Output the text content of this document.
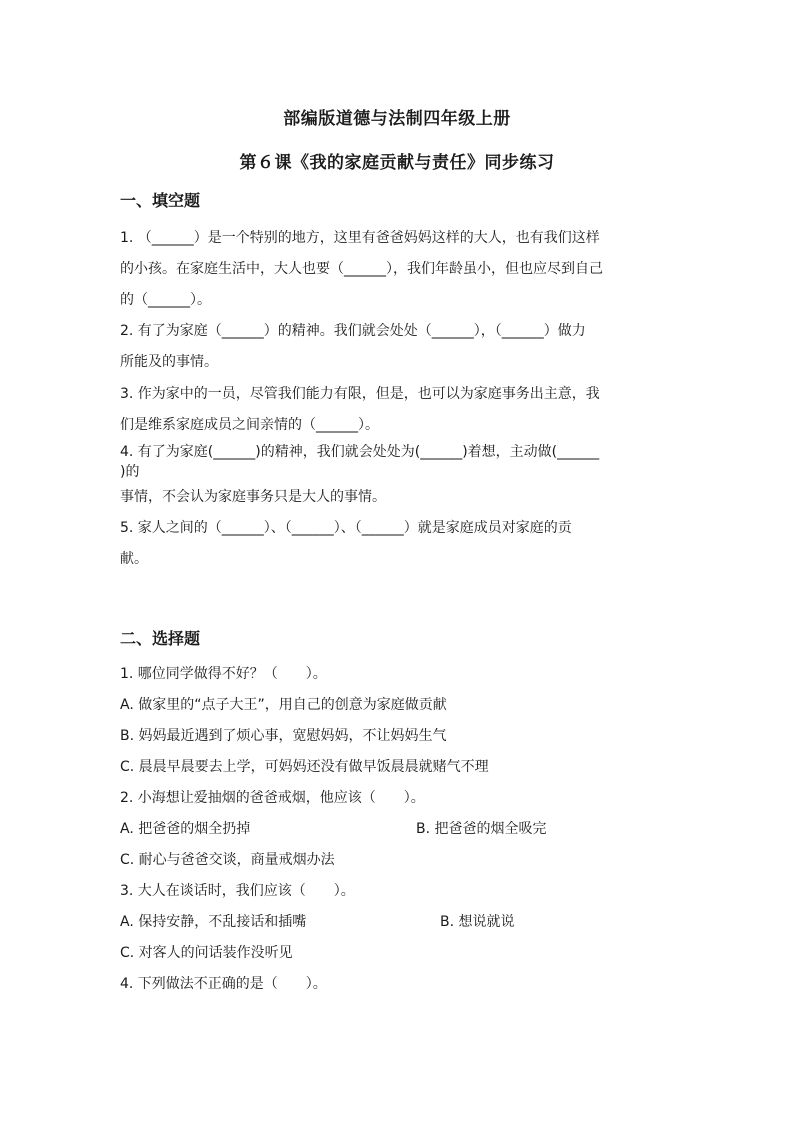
部编版道德与法制四年级上册
第６课《我的家庭贡献与责任》同步练习
一、填空题
1. （______）是一个特别的地方，这里有爸爸妈妈这样的大人，也有我们这样
的小孩。在家庭生活中，大人也要（______），我们年龄虽小，但也应尽到自己
的（______）。
2. 有了为家庭（______）的精神。我们就会处处（______），（______）做力
所能及的事情。
3. 作为家中的一员，尽管我们能力有限，但是，也可以为家庭事务出主意，我
们是维系家庭成员之间亲情的（______）。
4. 有了为家庭(______)的精神，我们就会处处为(______)着想，主动做(______
)的
事情，不会认为家庭事务只是大人的事情。
5. 家人之间的（______）、（______）、（______）就是家庭成员对家庭的贡
献。
二、选择题
1. 哪位同学做得不好？（　　）。
A. 做家里的“点子大王”，用自己的创意为家庭做贡献
B. 妈妈最近遇到了烦心事，宽慰妈妈，不让妈妈生气
C. 晨晨早晨要去上学，可妈妈还没有做早饭晨晨就赌气不理
2. 小海想让爱抽烟的爸爸戒烟，他应该（　　）。
A. 把爸爸的烟全扔掉	B. 把爸爸的烟全吸完
C. 耐心与爸爸交谈，商量戒烟办法
3. 大人在谈话时，我们应该（　　）。
A. 保持安静，不乱接话和插嘴	B. 想说就说
C. 对客人的问话装作没听见
4. 下列做法不正确的是（　　）。
